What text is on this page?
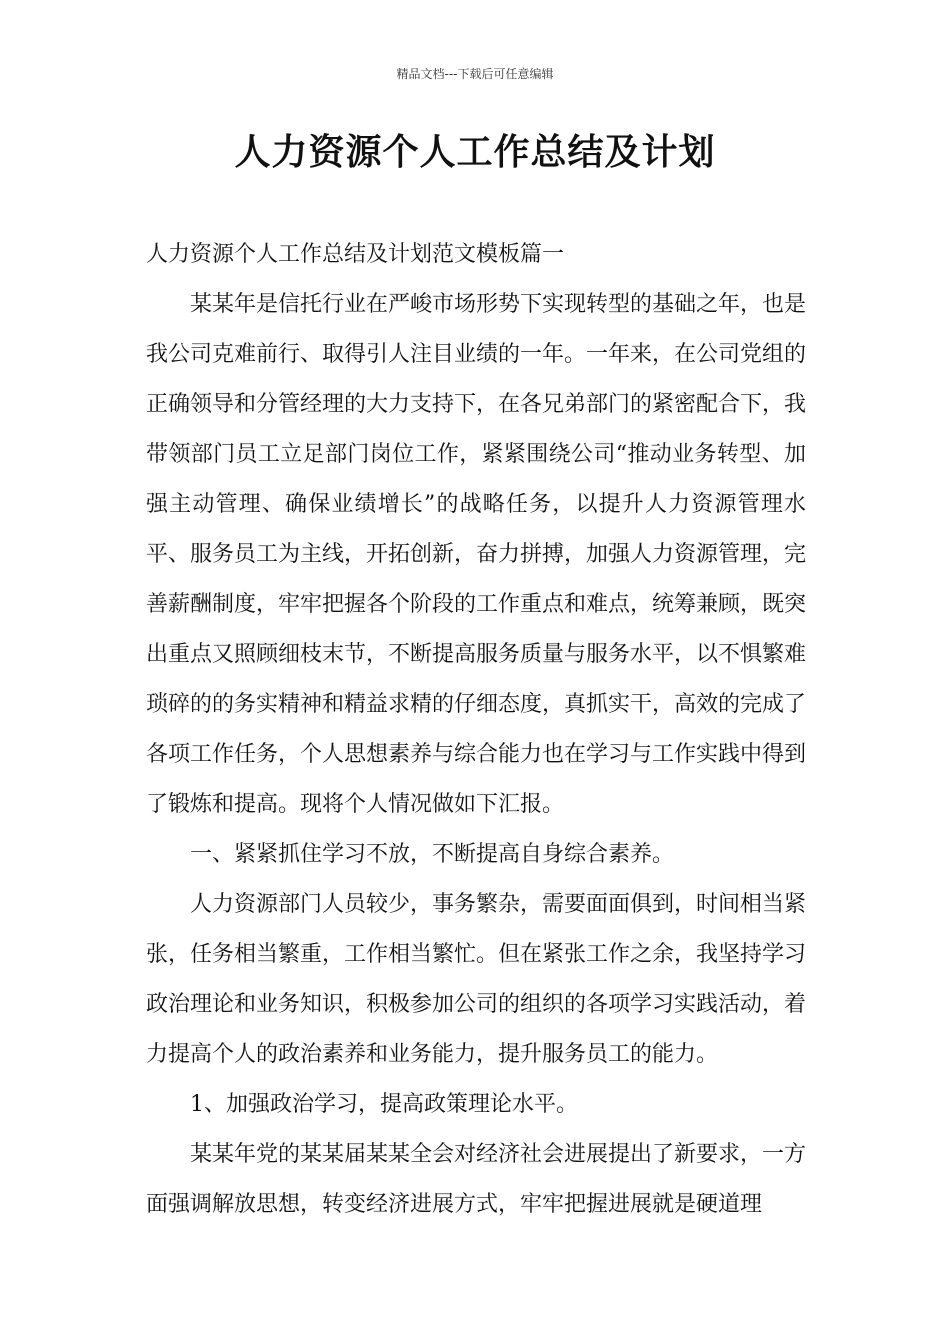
精品文档---下载后可任意编辑
人力资源个人工作总结及计划

人力资源个人工作总结及计划范文模板篇一

某某年是信托行业在严峻市场形势下实现转型的基础之年，也是我公司克难前行、取得引人注目业绩的一年。一年来，在公司党组的正确领导和分管经理的大力支持下，在各兄弟部门的紧密配合下，我带领部门员工立足部门岗位工作，紧紧围绕公司“推动业务转型、加强主动管理、确保业绩增长”的战略任务，以提升人力资源管理水平、服务员工为主线，开拓创新，奋力拼搏，加强人力资源管理，完善薪酬制度，牢牢把握各个阶段的工作重点和难点，统筹兼顾，既突出重点又照顾细枝末节，不断提高服务质量与服务水平，以不惧繁难琐碎的的务实精神和精益求精的仔细态度，真抓实干，高效的完成了各项工作任务，个人思想素养与综合能力也在学习与工作实践中得到了锻炼和提高。现将个人情况做如下汇报。

一、紧紧抓住学习不放，不断提高自身综合素养。

人力资源部门人员较少，事务繁杂，需要面面俱到，时间相当紧张，任务相当繁重，工作相当繁忙。但在紧张工作之余，我坚持学习政治理论和业务知识，积极参加公司的组织的各项学习实践活动，着力提高个人的政治素养和业务能力，提升服务员工的能力。

1、加强政治学习，提高政策理论水平。

某某年党的某某届某某全会对经济社会进展提出了新要求，一方面强调解放思想，转变经济进展方式，牢牢把握进展就是硬道理
